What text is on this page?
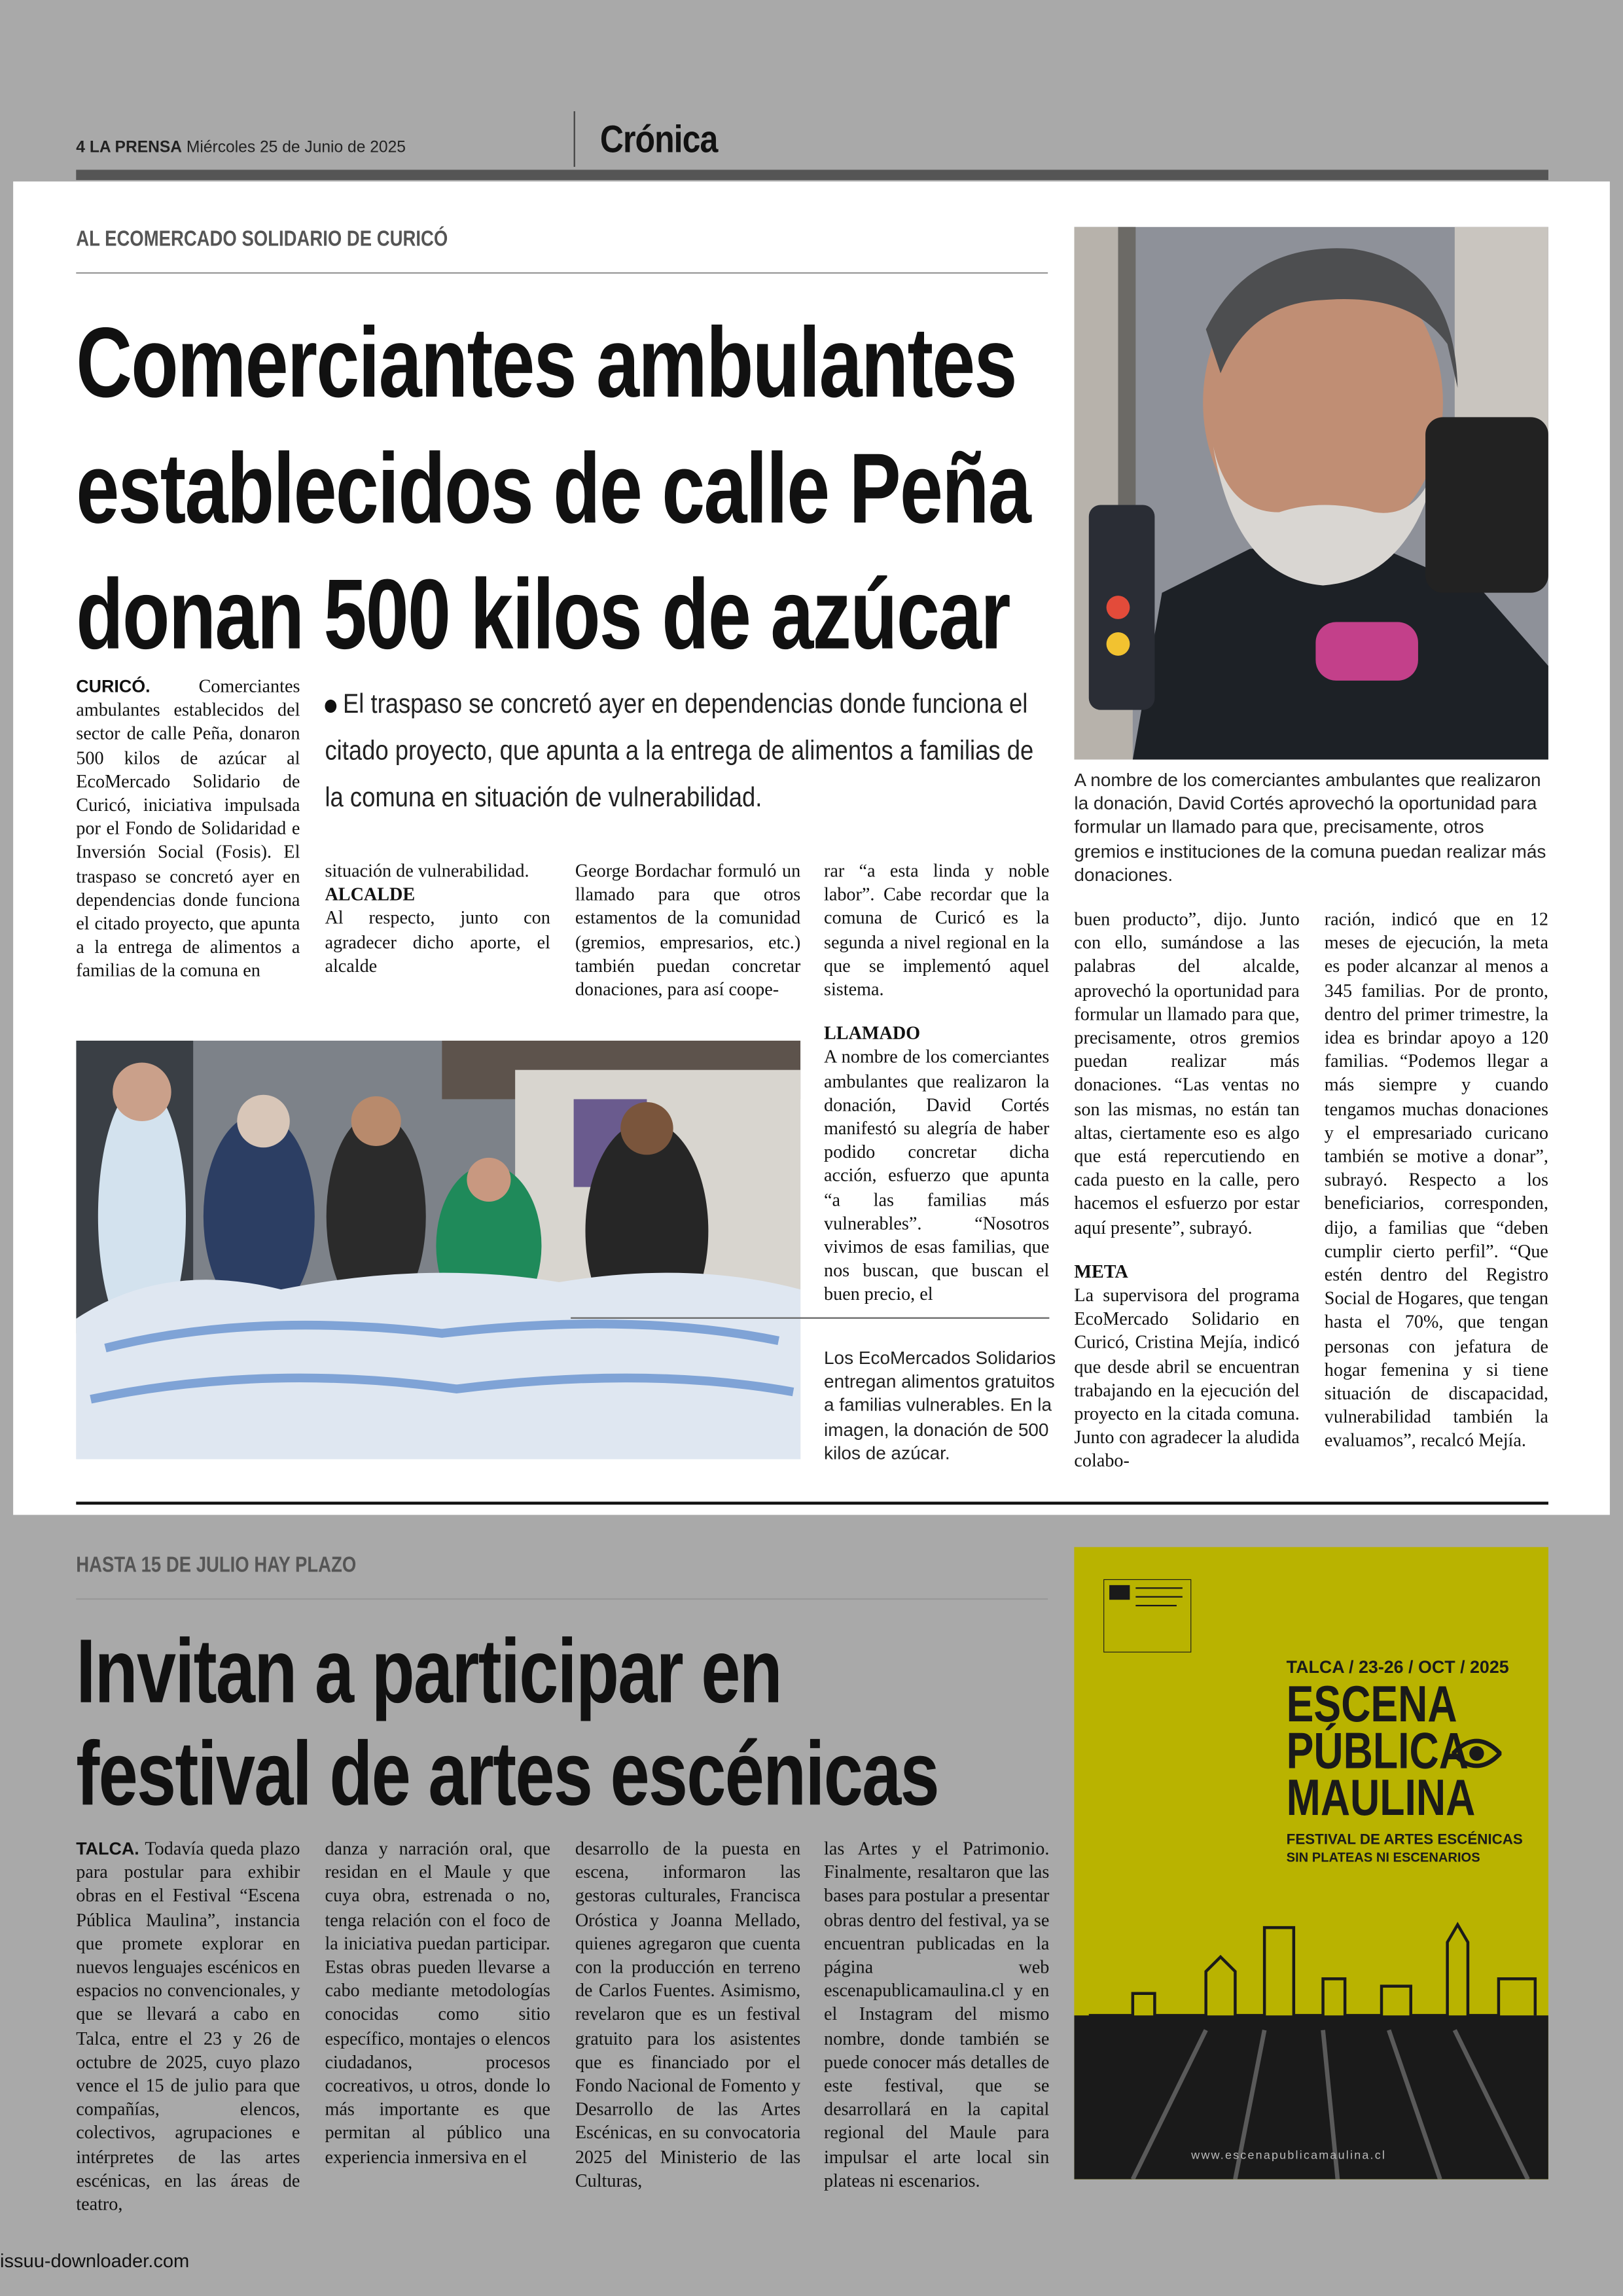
4 LA PRENSA Miércoles 25 de Junio de 2025	Crónica
AL ECOMERCADO SOLIDARIO DE CURICÓ
Comerciantes ambulantes
establecidos de calle Peña
donan 500 kilos de azúcar
A nombre de los comerciantes ambulantes que realizaron la donación, David Cortés aprovechó la oportunidad para formular un llamado para que, precisamente, otros gremios e instituciones de la comuna puedan realizar más donaciones.

CURICÓ.	Comerciantes ambulantes establecidos del sector de calle Peña, donaron 500 kilos de azúcar al EcoMercado Solidario de Curicó, iniciativa impulsada por el Fondo de Solidaridad e Inversión Social (Fosis). El traspaso se concretó ayer en dependencias donde funciona el citado proyecto, que apunta a la entrega de alimentos a familias de la comuna en

El traspaso se concretó ayer en dependencias donde funciona el
citado proyecto, que apunta a la entrega de alimentos a familias de
la comuna en situación de vulnerabilidad.

situación de vulnerabilidad.

ALCALDE

Al respecto, junto con agradecer dicho aporte, el alcalde

George Bordachar formuló un llamado para que otros estamentos de la comunidad (gremios, empresarios, etc.) también puedan concretar donaciones, para así coope-

rar “a esta linda y noble labor”. Cabe recordar que la comuna de Curicó es la segunda a nivel regional en la que se implementó aquel sistema.

LLAMADO

A nombre de los comerciantes ambulantes que realizaron la donación, David Cortés manifestó su alegría de haber podido concretar dicha acción, esfuerzo que apunta “a las familias más vulnerables”. “Nosotros vivimos de esas familias, que nos buscan, que buscan el buen precio, el

Los EcoMercados Solidarios entregan alimentos gratuitos a familias vulnerables. En la imagen, la donación de 500 kilos de azúcar.

buen producto”, dijo. Junto con ello, sumándose a las palabras del alcalde, aprovechó la oportunidad para formular un llamado para que, precisamente, otros gremios puedan realizar más donaciones. “Las ventas no son las mismas, no están tan altas, ciertamente eso es algo que está repercutiendo en cada puesto en la calle, pero hacemos el esfuerzo por estar aquí presente”, subrayó.

META

La supervisora del programa EcoMercado Solidario en Curicó, Cristina Mejía, indicó que desde abril se encuentran trabajando en la ejecución del proyecto en la citada comuna. Junto con agradecer la aludida colabo-

ración, indicó que en 12 meses de ejecución, la meta es poder alcanzar al menos a 345 familias. Por de pronto, dentro del primer trimestre, la idea es brindar apoyo a 120 familias. “Podemos llegar a más siempre y cuando tengamos muchas donaciones y el empresariado curicano también se motive a donar”, subrayó. Respecto a los beneficiarios, corresponden, dijo, a familias que “deben cumplir cierto perfil”. “Que estén dentro del Registro Social de Hogares, que tengan hasta el 70%, que tengan personas con jefatura de hogar femenina y si tiene situación de discapacidad, vulnerabilidad también la evaluamos”, recalcó Mejía.

HASTA 15 DE JULIO HAY PLAZO
Invitan a participar en
festival de artes escénicas

TALCA. Todavía queda plazo para postular para exhibir obras en el Festival “Escena Pública Maulina”, instancia que promete explorar en nuevos lenguajes escénicos en espacios no convencionales, y que se llevará a cabo en Talca, entre el 23 y 26 de octubre de 2025, cuyo plazo vence el 15 de julio para que compañías, elencos, colectivos, agrupaciones e intérpretes de las artes escénicas, en las áreas de teatro,

danza y narración oral, que residan en el Maule y que cuya obra, estrenada o no, tenga relación con el foco de la iniciativa puedan participar. Estas obras pueden llevarse a cabo mediante metodologías conocidas como sitio específico, montajes o elencos ciudadanos, procesos cocreativos, u otros, donde lo más importante es que permitan al público una experiencia inmersiva en el

desarrollo de la puesta en escena, informaron las gestoras culturales, Francisca Oróstica y Joanna Mellado, quienes agregaron que cuenta con la producción en terreno de Carlos Fuentes. Asimismo, revelaron que es un festival gratuito para los asistentes que es financiado por el Fondo Nacional de Fomento y Desarrollo de las Artes Escénicas, en su convocatoria 2025 del Ministerio de las Culturas,

las Artes y el Patrimonio. Finalmente, resaltaron que las bases para postular a presentar obras dentro del festival, ya se encuentran publicadas en la página web escenapublicamaulina.cl y en el Instagram del mismo nombre, donde también se puede conocer más detalles de este festival, que se desarrollará en la capital regional del Maule para impulsar el arte local sin plateas ni escenarios.

TALCA / 23-26 / OCT / 2025
ESCENA
PÚBLICA
MAULINA
FESTIVAL DE ARTES ESCÉNICAS
SIN PLATEAS NI ESCENARIOS
www.escenapublicamaulina.cl
issuu-downloader.com
